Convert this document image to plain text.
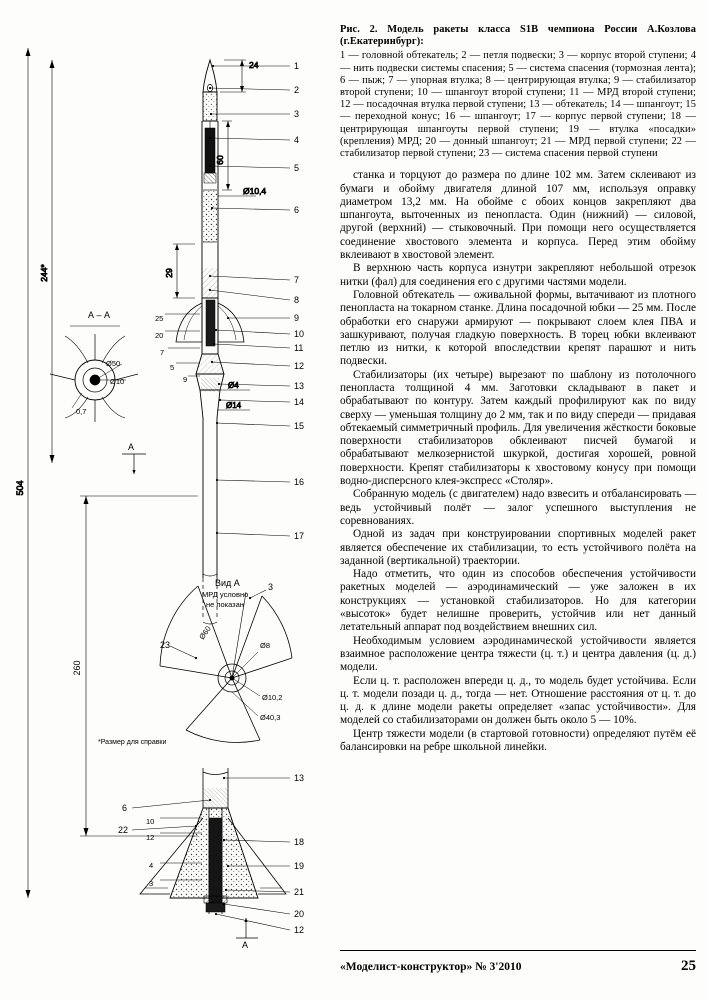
504
244*
24
60
Ø10,4
29
25
20
7
5
9
Ø4
Ø14
1
2
3
4
5
6
7
8
9
10
11
12
13
14
15
16
17
А – А
Ø50
Ø10
0,7
Вид А
МРД условно
не показан
Ø60
Ø8
Ø10,2
Ø40,3
23
3
260
*Размер для справки
10
12
4
3
13
6
22
18
19
21
20
12
А
А
Рис. 2. Модель ракеты класса S1В чемпиона России А.Козлова (г.Екатеринбург):
1 — головной обтекатель; 2 — петля подвески; 3 — корпус второй ступени; 4 — нить подвески системы спасения; 5 — система спасения (тормозная лента); 6 — пыж; 7 — упорная втулка; 8 — центрирующая втулка; 9 — стабилизатор второй ступени; 10 — шпангоут второй ступени; 11 — МРД второй ступени; 12 — посадочная втулка первой ступени; 13 — обтекатель; 14 — шпангоут; 15 — переходной конус; 16 — шпангоут; 17 — корпус первой ступени; 18 — центрирующая шпангоуты первой ступени; 19 — втулка «посадки» (крепления) МРД; 20 — донный шпангоут; 21 — МРД первой ступени; 22 — стабилизатор первой ступени; 23 — система спасения первой ступени

станка и торцуют до размера по длине 102 мм. Затем склеивают из бумаги и обойму двигателя длиной 107 мм, используя оправку диаметром 13,2 мм. На обойме с обоих концов закрепляют два шпангоута, выточенных из пенопласта. Один (нижний) — силовой, другой (верхний) — стыковочный. При помощи него осуществляется соединение хвостового элемента и корпуса. Перед этим обойму вклеивают в хвостовой элемент.

В верхнюю часть корпуса изнутри закрепляют небольшой отрезок нитки (фал) для соединения его с другими частями модели.

Головной обтекатель — оживальной формы, вытачивают из плотного пенопласта на токарном станке. Длина посадочной юбки — 25 мм. После обработки его снаружи армируют — покрывают слоем клея ПВА и зашкуривают, получая гладкую поверхность. В торец юбки вклеивают петлю из нитки, к которой впоследствии крепят парашют и нить подвески.

Стабилизаторы (их четыре) вырезают по шаблону из потолочного пенопласта толщиной 4 мм. Заготовки складывают в пакет и обрабатывают по контуру. Затем каждый профилируют как по виду сверху — уменьшая толщину до 2 мм, так и по виду спереди — придавая обтекаемый симметричный профиль. Для увеличения жёсткости боковые поверхности стабилизаторов обклеивают писчей бумагой и обрабатывают мелкозернистой шкуркой, достигая хорошей, ровной поверхности. Крепят стабилизаторы к хвостовому конусу при помощи водно-дисперсного клея-экспресс «Столяр».

Собранную модель (с двигателем) надо взвесить и отбалансировать — ведь устойчивый полёт — залог успешного выступления не соревнованиях.

Одной из задач при конструировании спортивных моделей ракет является обеспечение их стабилизации, то есть устойчивого полёта на заданной (вертикальной) траектории.

Надо отметить, что один из способов обеспечения устойчивости ракетных моделей — аэродинамический — уже заложен в их конструкциях — установкой стабилизаторов. Но для категории «высоток» будет нелишне проверить, устойчив или нет данный летательный аппарат под воздействием внешних сил.

Необходимым условием аэродинамической устойчивости является взаимное расположение центра тяжести (ц. т.) и центра давления (ц. д.) модели.

Если ц. т. расположен впереди ц. д., то модель будет устойчива. Если ц. т. модели позади ц. д., тогда — нет. Отношение расстояния от ц. т. до ц. д. к длине модели ракеты определяет «запас устойчивости». Для моделей со стабилизаторами он должен быть около 5 — 10%.

Центр тяжести модели (в стартовой готовности) определяют путём её балансировки на ребре школьной линейки.

«Моделист-конструктор» № 3'2010	25
